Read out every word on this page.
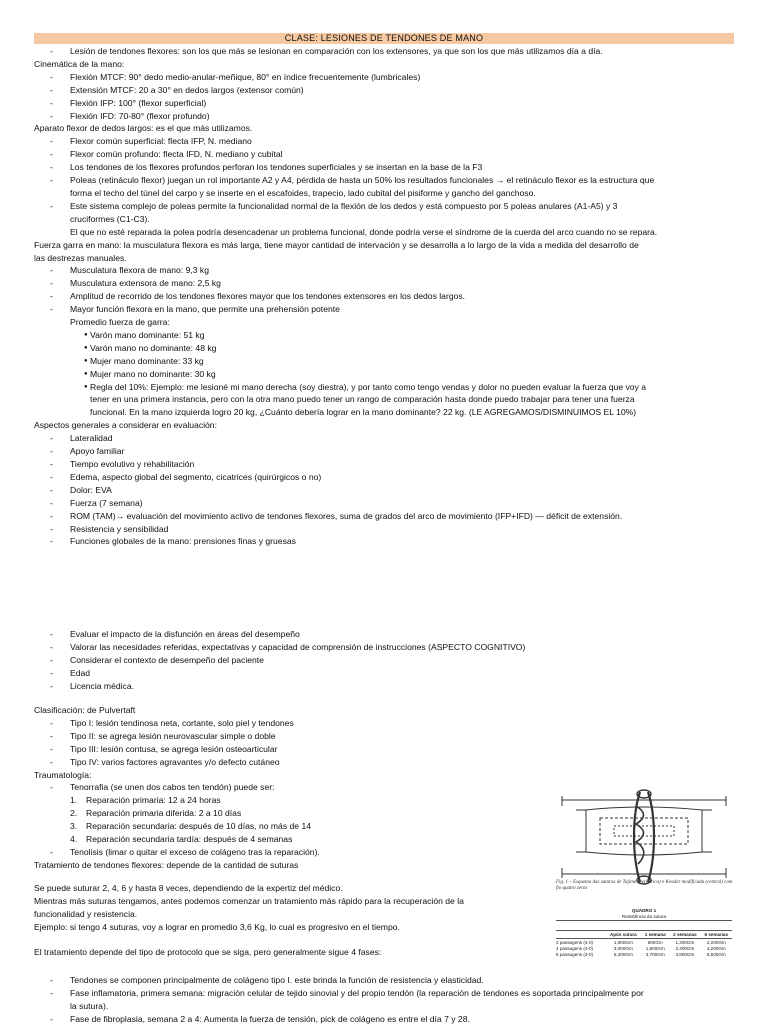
CLASE: LESIONES DE TENDONES DE MANO
- Lesión de tendones flexores: son los que más se lesionan en comparación con los extensores, ya que son los que más utilizamos día a día.
Cinemática de la mano:
- Flexión MTCF: 90° dedo medio-anular-meñique, 80° en índice frecuentemente (lumbricales)
- Extensión MTCF: 20 a 30° en dedos largos (extensor común)
- Flexión IFP: 100° (flexor superficial)
- Flexión IFD: 70-80° (flexor profundo)
Aparato flexor de dedos largos: es el que más utilizamos.
- Flexor común superficial: flecta IFP, N. mediano
- Flexor común profundo: flecta IFD, N. mediano y cubital
- Los tendones de los flexores profundos perforan los tendones superficiales y se insertan en la base de la F3
- Poleas (retináculo flexor) juegan un rol importante A2 y A4, pérdida de hasta un 50% los resultados funcionales → el retináculo flexor es la estructura que
forma el techo del túnel del carpo y se inserte en el escafoides, trapecio, lado cubital del pisiforme y gancho del ganchoso.
- Este sistema complejo de poleas permite la funcionalidad normal de la flexión de los dedos y está compuesto por 5 poleas anulares (A1-A5) y 3
cruciformes (C1-C3).
El que no esté reparada la polea podría desencadenar un problema funcional, donde podría verse el síndrome de la cuerda del arco cuando no se repara.
Fuerza garra en mano: la musculatura flexora es más larga, tiene mayor cantidad de intervación y se desarrolla a lo largo de la vida a medida del desarrollo de
las destrezas manuales.
- Musculatura flexora de mano: 9,3 kg
- Musculatura extensora de mano: 2,5 kg
- Amplitud de recorrido de los tendones flexores mayor que los tendones extensores en los dedos largos.
- Mayor función flexora en la mano, que permite una prehensión potente
Promedio fuerza de garra:
● Varón mano dominante: 51 kg
● Varón mano no dominante: 48 kg
● Mujer mano dominante: 33 kg
● Mujer mano no dominante: 30 kg
● Regla del 10%: Ejemplo: me lesioné mi mano derecha (soy diestra), y por tanto como tengo vendas y dolor no pueden evaluar la fuerza que voy a
tener en una primera instancia, pero con la otra mano puedo tener un rango de comparación hasta donde puedo trabajar para tener una fuerza
funcional. En la mano izquierda logro 20 kg, ¿Cuánto debería lograr en la mano dominante? 22 kg. (LE AGREGAMOS/DISMINUIMOS EL 10%)
Aspectos generales a considerar en evaluación:
- Lateralidad
- Apoyo familiar
- Tiempo evolutivo y rehabilitación
- Edema, aspecto global del segmento, cicatrices (quirúrgicos o no)
- Dolor: EVA
- Fuerza (7 semana)
- ROM (TAM)→ evaluación del movimiento activo de tendones flexores, suma de grados del arco de movimiento (IFP+IFD) — déficit de extensión.
- Resistencia y sensibilidad
- Funciones globales de la mano: prensiones finas y gruesas
- Evaluar el impacto de la disfunción en áreas del desempeño
- Valorar las necesidades referidas, expectativas y capacidad de comprensión de instrucciones (ASPECTO COGNITIVO)
- Considerar el contexto de desempeño del paciente
- Edad
- Licencia médica.
Clasificación: de Pulvertaft
- Tipo I: lesión tendinosa neta, cortante, solo piel y tendones
- Tipo II: se agrega lesión neurovascular simple o doble
- Tipo III: lesión contusa, se agrega lesión osteoarticular
- Tipo IV: varios factores agravantes y/o defecto cutáneo
Traumatología:
- Tenorrafia (se unen dos cabos ten tendón) puede ser:
1. Reparación primaria: 12 a 24 horas
2. Reparación primaria diferida: 2 a 10 días
3. Reparación secundaria: después de 10 días, no más de 14
4. Reparación secundaria tardía: después de 4 semanas
- Tenolisis (limar o quitar el exceso de colágeno tras la reparación).
Tratamiento de tendones flexores: depende de la cantidad de suturas
Se puede suturar 2, 4, 6 y hasta 8 veces, dependiendo de la expertiz del médico.
Mientras más suturas tengamos, antes podemos comenzar un tratamiento más rápido para la recuperación de la
funcionalidad y resistencia.
Ejemplo: si tengo 4 suturas, voy a lograr en promedio 3,6 Kg, lo cual es progresivo en el tiempo.
El tratamiento depende del tipo de protocolo que se siga, pero generalmente sigue 4 fases:
- Tendones se componen principalmente de colágeno tipo I. este brinda la función de resistencia y elasticidad.
- Fase inflamatoria, primera semana: migración celular de tejido sinovial y del propio tendón (la reparación de tendones es soportada principalmente por
la sutura).
- Fase de fibroplasia, semana 2 a 4: Aumenta la fuerza de tensión, pick de colágeno es entre el día 7 y 28.
Fig. 1 – Esquema das suturas de Tajima (periférica) e Kessler modificada (central) com fio quatro zeros
QUADRO 1
Resistência da sutura
	Após sutura	1 semana	2 semanas	6 semanas
2 passagens (4-0)	1,000Gm	900Gm	1,200Gm	2,200Gm
4 passagens (4-0)	3,000Gm	1,800Gm	2,400Gm	4,200Gm
6 passagens (4-0)	5,400Gm	3,700Gm	3,600Gm	6,500Gm
